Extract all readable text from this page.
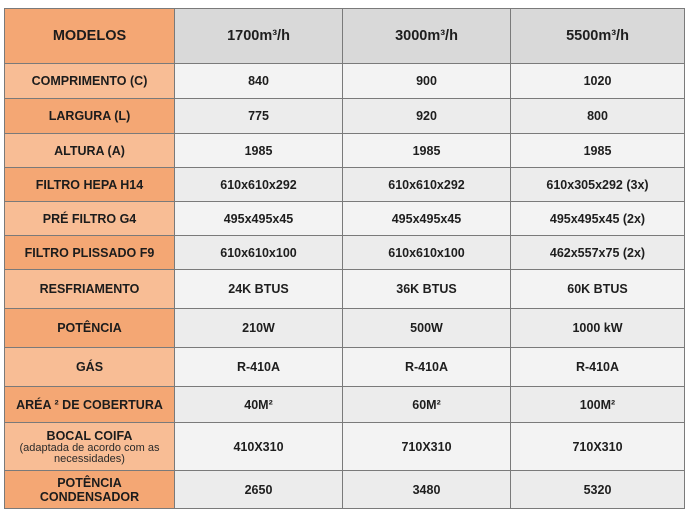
MODELOS	1700m³/h	3000m³/h	5500m³/h
COMPRIMENTO (C)	840	900	1020
LARGURA (L)	775	920	800
ALTURA (A)	1985	1985	1985
FILTRO HEPA H14	610x610x292	610x610x292	610x305x292 (3x)
PRÉ FILTRO G4	495x495x45	495x495x45	495x495x45 (2x)
FILTRO PLISSADO F9	610x610x100	610x610x100	462x557x75 (2x)
RESFRIAMENTO	24K BTUS	36K BTUS	60K BTUS
POTÊNCIA	210W	500W	1000 kW
GÁS	R-410A	R-410A	R-410A
ARÉA ² DE COBERTURA	40M²	60M²	100M²

BOCAL COIFA
(adaptada de acordo com as necessidades)	410X310	710X310	710X310
POTÊNCIA CONDENSADOR	2650	3480	5320
